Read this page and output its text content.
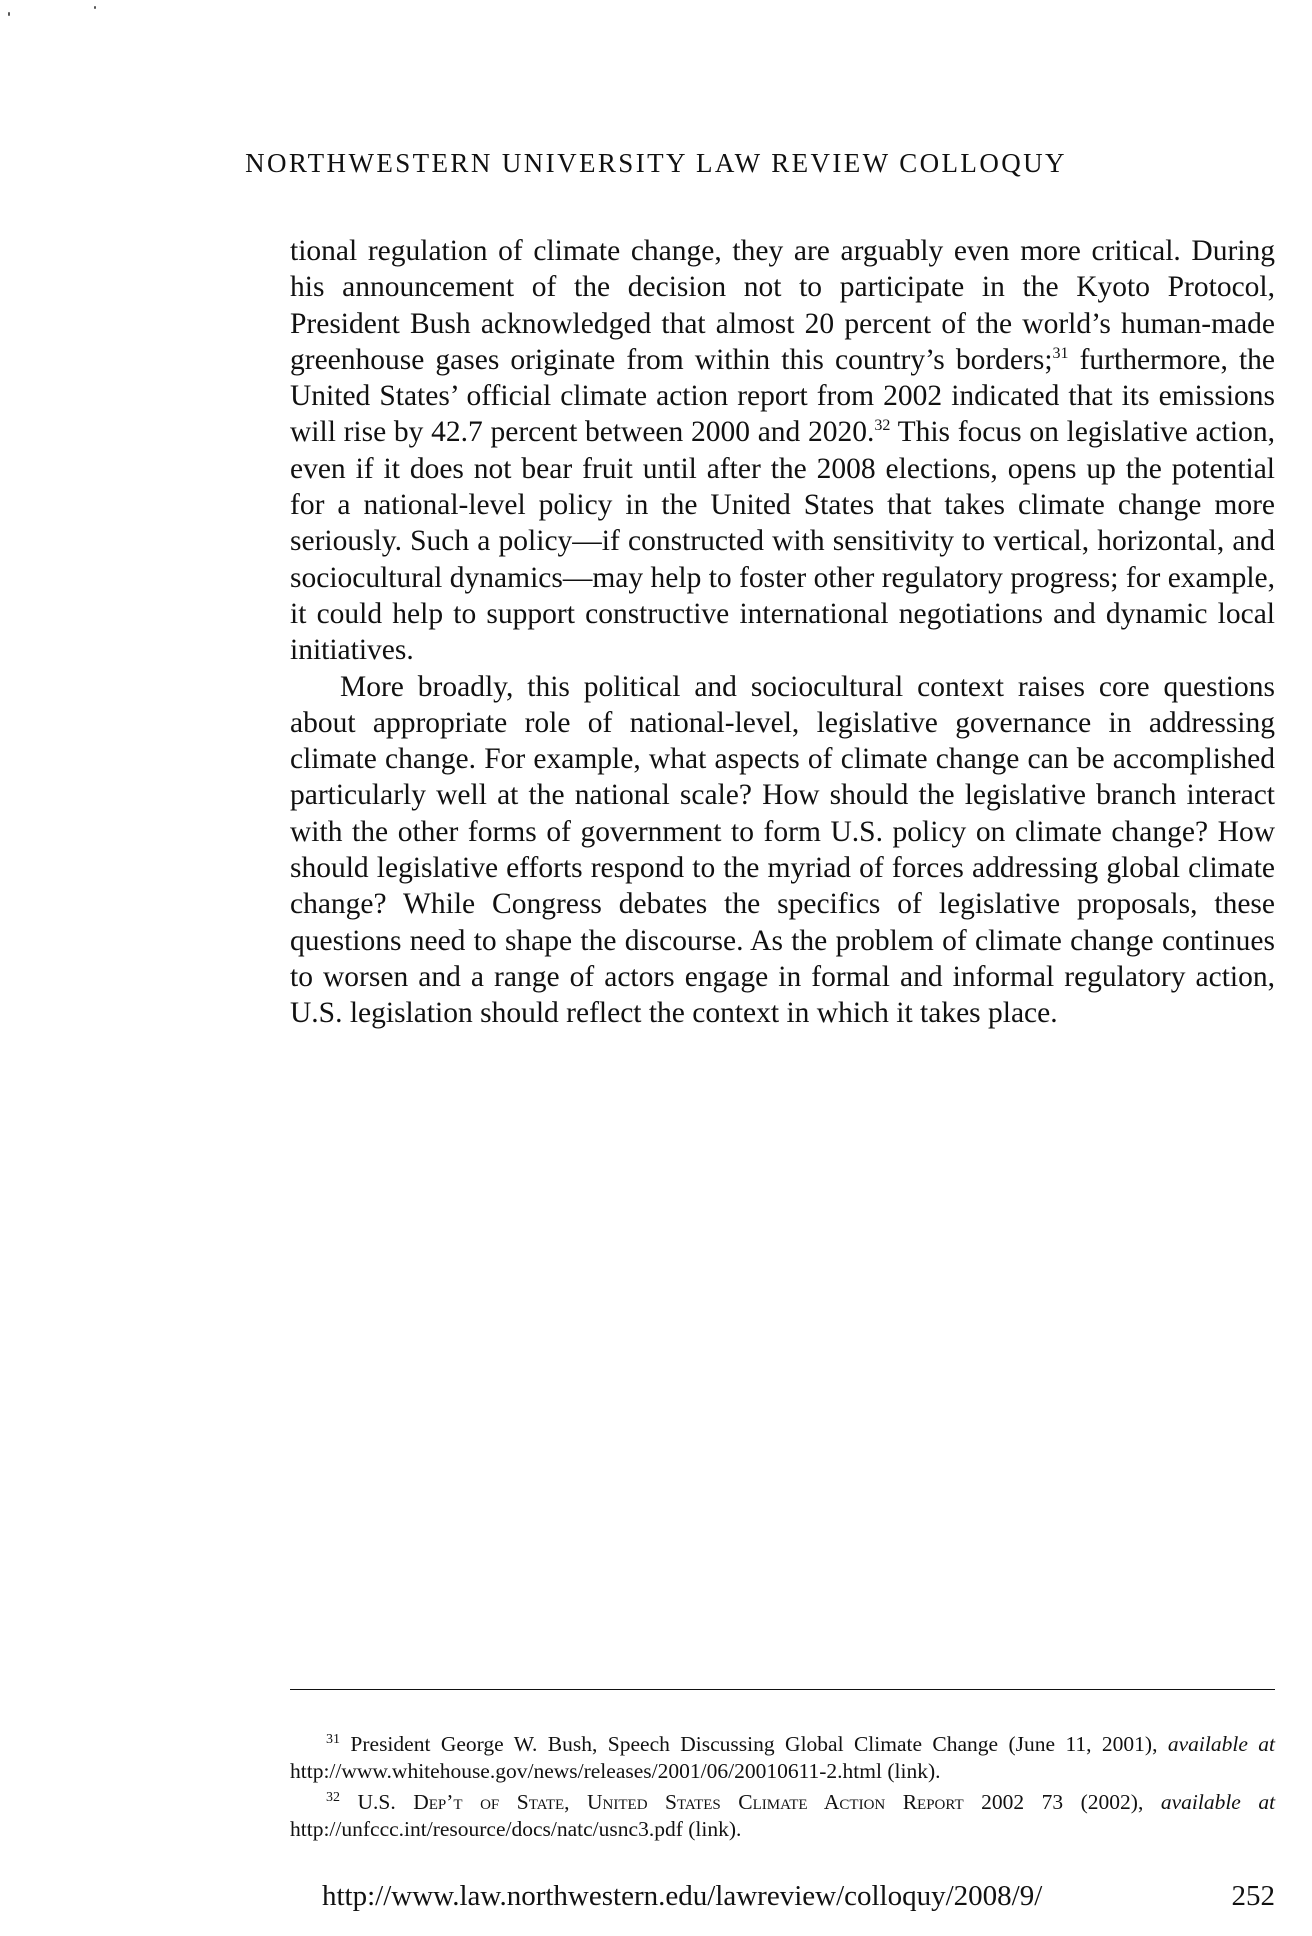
NORTHWESTERN UNIVERSITY LAW REVIEW COLLOQUY

tional regulation of climate change, they are arguably even more critical. During his announcement of the decision not to participate in the Kyoto Protocol, President Bush acknowledged that almost 20 percent of the world’s human-made greenhouse gases originate from within this country’s borders;$^{31}$ furthermore, the United States’ official climate action report from 2002 indicated that its emissions will rise by 42.7 percent between 2000 and 2020.32 This focus on legislative action, even if it does not bear fruit until after the 2008 elections, opens up the potential for a national-level policy in the United States that takes climate change more seriously. Such a policy—if constructed with sensitivity to vertical, horizontal, and sociocultural dynamics—may help to foster other regulatory progress; for example, it could help to support constructive international negotiations and dynamic local initiatives.

More broadly, this political and sociocultural context raises core questions about appropriate role of national-level, legislative governance in addressing climate change. For example, what aspects of climate change can be accomplished particularly well at the national scale? How should the legislative branch interact with the other forms of government to form U.S. policy on climate change? How should legislative efforts respond to the myriad of forces addressing global climate change? While Congress debates the specifics of legislative proposals, these questions need to shape the discourse. As the problem of climate change continues to worsen and a range of actors engage in formal and informal regulatory action, U.S. legislation should reflect the context in which it takes place.

$^{31}$ President George W. Bush, Speech Discussing Global Climate Change (June 11, 2001), available at http://www.whitehouse.gov/news/releases/2001/06/20010611-2.html (link).

$^{32}$ U.S. Dep’t of State, United States Climate Action Report 2002 73 (2002), available at http://unfccc.int/resource/docs/natc/usnc3.pdf (link).

http://www.law.northwestern.edu/lawreview/colloquy/2008/9/	252
